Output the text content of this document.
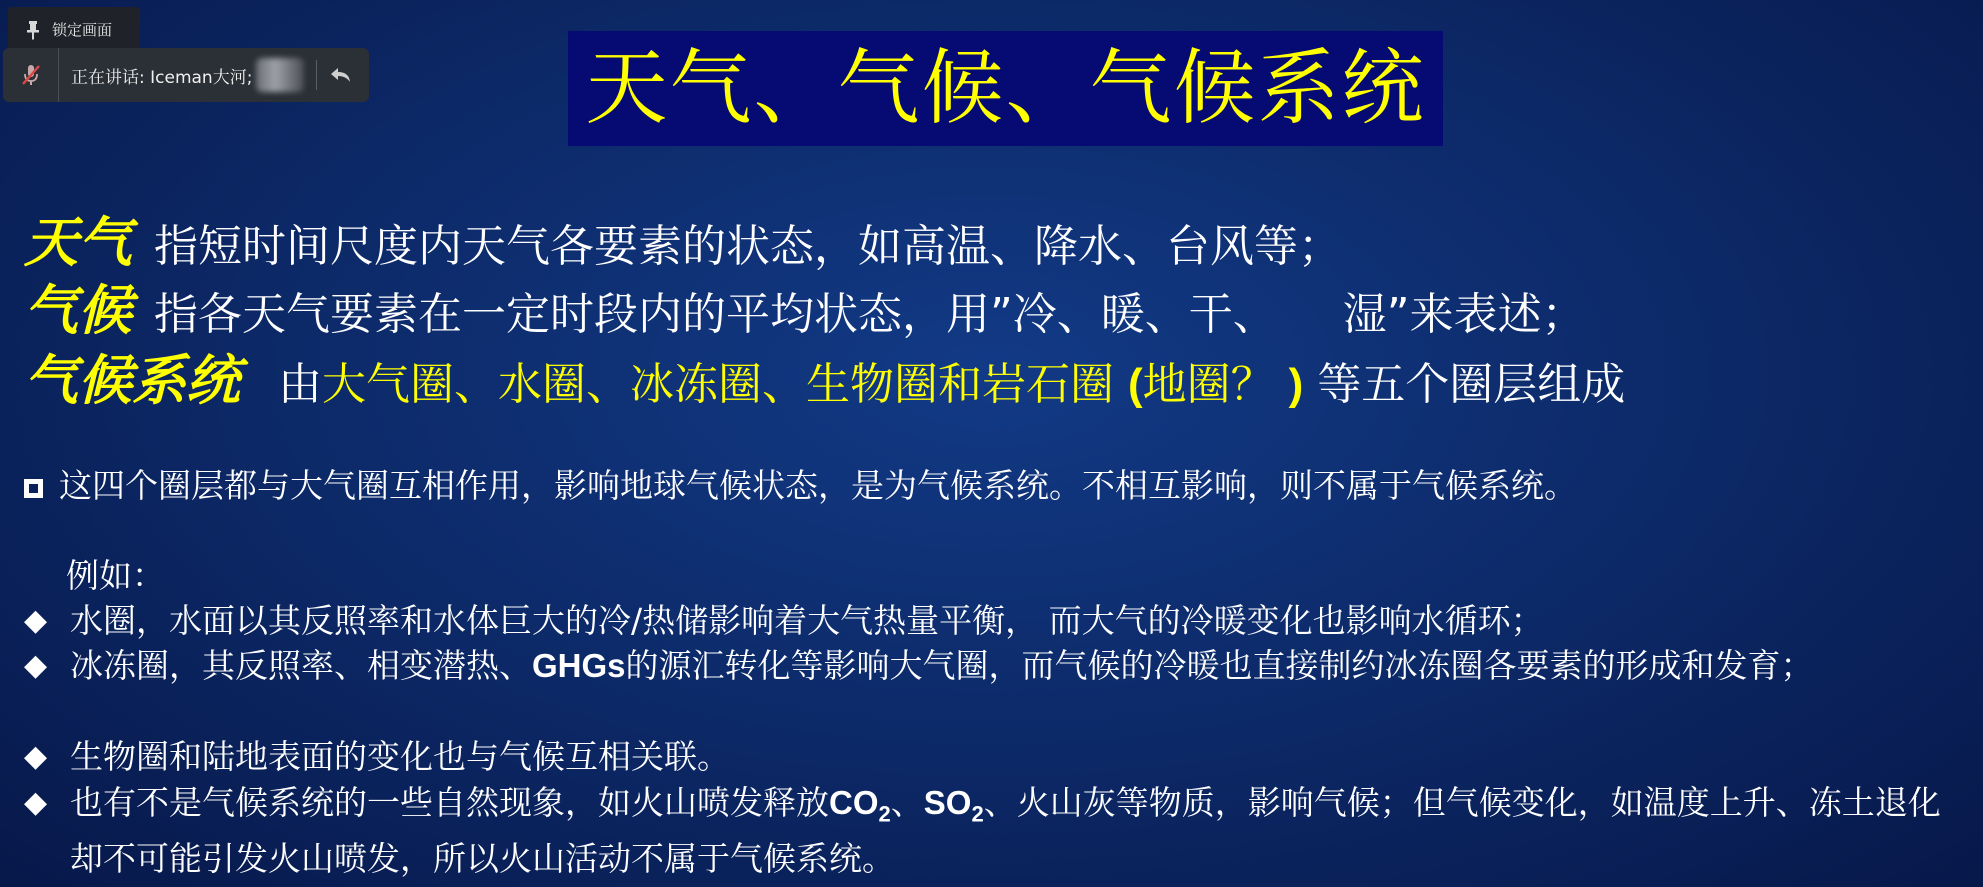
锁定画面
正在讲话: Iceman大河;	天气、气候、气候系统
天气 指短时间尺度内天气各要素的状态，如高温、降水、台风等；
气候 指各天气要素在一定时段内的平均状态，用”冷、暖、干、　　湿”来表述；
气候系统 由大气圈、水圈、冰冻圈、生物圈和岩石圈 (地圈？ ) 等五个圈层组成
这四个圈层都与大气圈互相作用，影响地球气候状态，是为气候系统。不相互影响，则不属于气候系统。
例如：
◆ 水圈，水面以其反照率和水体巨大的冷/热储影响着大气热量平衡， 而大气的冷暖变化也影响水循环；
◆ 冰冻圈，其反照率、相变潜热、GHGs的源汇转化等影响大气圈，而气候的冷暖也直接制约冰冻圈各要素的形成和发育；
◆ 生物圈和陆地表面的变化也与气候互相关联。
◆ 也有不是气候系统的一些自然现象，如火山喷发释放$CO_2$、$SO_2$、火山灰等物质，影响气候；但气候变化，如温度上升、冻土退化却不可能引发火山喷发，所以火山活动不属于气候系统。
